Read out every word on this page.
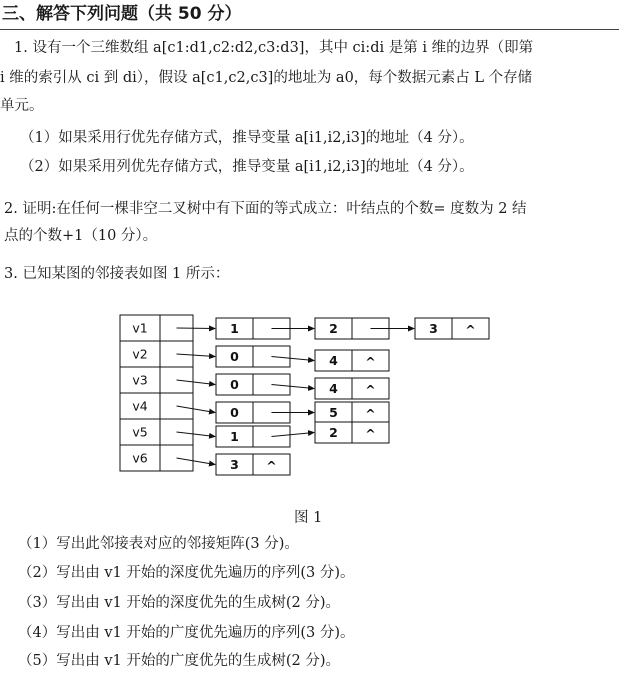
三、解答下列问题（共 50 分）
1. 设有一个三维数组 a[c1:d1,c2:d2,c3:d3]，其中 ci:di 是第 i 维的边界（即第
i 维的索引从 ci 到 di），假设 a[c1,c2,c3]的地址为 a0，每个数据元素占 L 个存储
单元。
（1）如果采用行优先存储方式，推导变量 a[i1,i2,i3]的地址（4 分）。
（2）如果采用列优先存储方式，推导变量 a[i1,i2,i3]的地址（4 分）。
2. 证明:在任何一棵非空二叉树中有下面的等式成立：叶结点的个数= 度数为 2 结
点的个数+1（10 分）。
3. 已知某图的邻接表如图 1 所示：
v1	1	2	3 ^
v2	0	4 ^
v3	0	4 ^
v4	0	5 ^
v5	1	2 ^
v6	3 ^
图 1
（1）写出此邻接表对应的邻接矩阵(3 分)。
（2）写出由 v1 开始的深度优先遍历的序列(3 分)。
（3）写出由 v1 开始的深度优先的生成树(2 分)。
（4）写出由 v1 开始的广度优先遍历的序列(3 分)。
（5）写出由 v1 开始的广度优先的生成树(2 分)。
